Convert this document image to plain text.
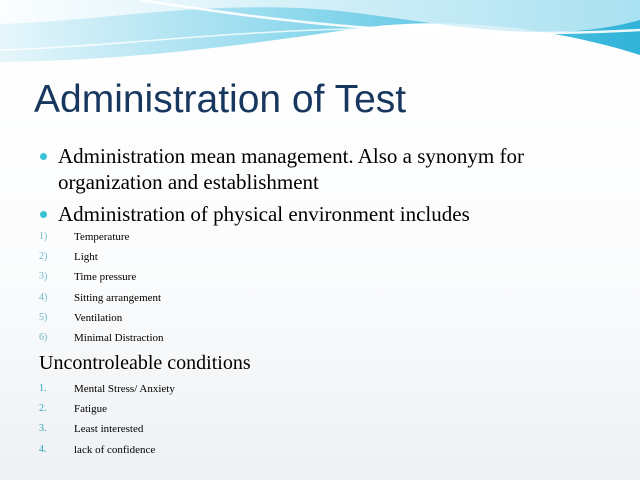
Administration of Test
Administration mean management. Also a synonym for organization and establishment
Administration of physical environment includes
1) Temperature
2) Light
3) Time pressure
4) Sitting arrangement
5) Ventilation
6) Minimal Distraction
Uncontroleable conditions
1.	Mental Stress/ Anxiety
2.	Fatigue
3.	Least interested
4.	lack of confidence
